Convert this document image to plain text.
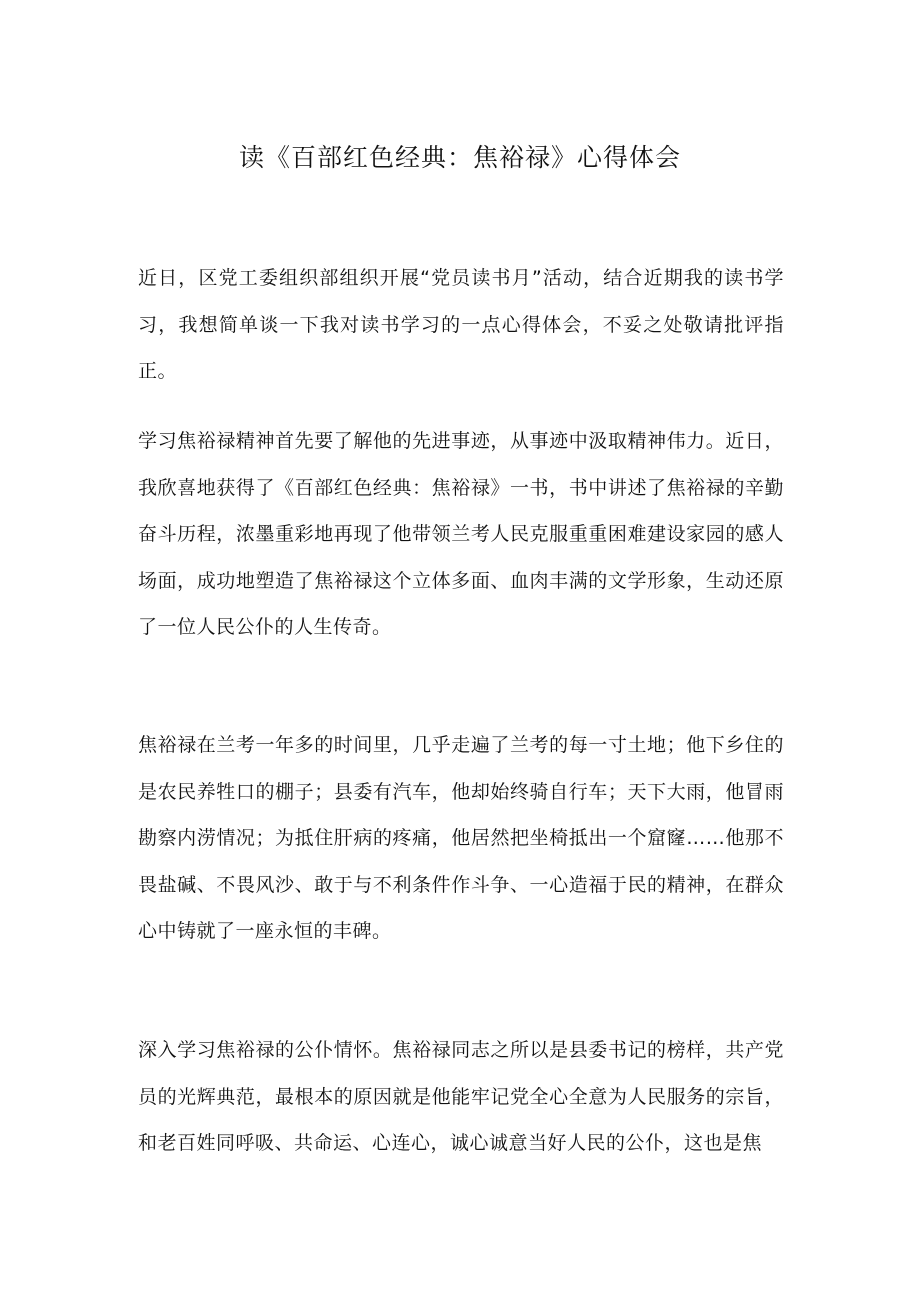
读《百部红色经典：焦裕禄》心得体会

近日，区党工委组织部组织开展“党员读书月”活动，结合近期我的读书学习，我想简单谈一下我对读书学习的一点心得体会，不妥之处敬请批评指正。

学习焦裕禄精神首先要了解他的先进事迹，从事迹中汲取精神伟力。近日，我欣喜地获得了《百部红色经典：焦裕禄》一书，书中讲述了焦裕禄的辛勤奋斗历程，浓墨重彩地再现了他带领兰考人民克服重重困难建设家园的感人场面，成功地塑造了焦裕禄这个立体多面、血肉丰满的文学形象，生动还原了一位人民公仆的人生传奇。

焦裕禄在兰考一年多的时间里，几乎走遍了兰考的每一寸土地；他下乡住的是农民养牲口的棚子；县委有汽车，他却始终骑自行车；天下大雨，他冒雨勘察内涝情况；为抵住肝病的疼痛，他居然把坐椅抵出一个窟窿……他那不畏盐碱、不畏风沙、敢于与不利条件作斗争、一心造福于民的精神，在群众心中铸就了一座永恒的丰碑。

深入学习焦裕禄的公仆情怀。焦裕禄同志之所以是县委书记的榜样，共产党员的光辉典范，最根本的原因就是他能牢记党全心全意为人民服务的宗旨，和老百姓同呼吸、共命运、心连心，诚心诚意当好人民的公仆，这也是焦
